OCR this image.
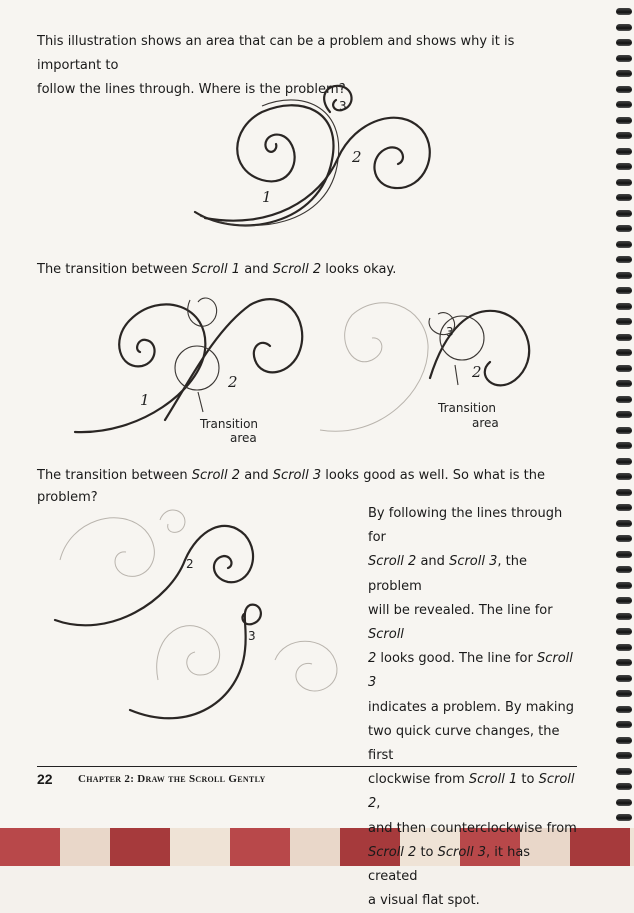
This illustration shows an area that can be a problem and shows why it is important to
follow the lines through. Where is the problem?

1
2
3

The transition between Scroll 1 and Scroll 2 looks okay.

1
2
Transition
area
3
2
Transition
area

The transition between Scroll 2 and Scroll 3 looks good as well. So what is the problem?

2
3

By following the lines through for
Scroll 2 and Scroll 3, the problem
will be revealed. The line for Scroll
2 looks good. The line for Scroll 3
indicates a problem. By making
two quick curve changes, the first
clockwise from Scroll 1 to Scroll 2,
and then counterclockwise from
Scroll 2 to Scroll 3, it has created
a visual flat spot.

22 Chapter 2: Draw the Scroll Gently
